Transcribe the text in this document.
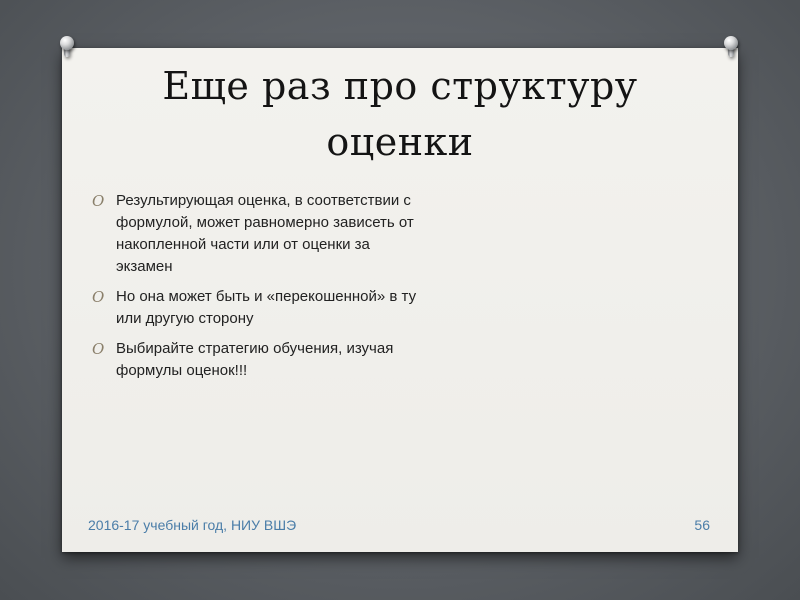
Еще раз про структуру оценки
O Результирующая оценка, в соответствии с формулой, может равномерно зависеть от накопленной части или от оценки за экзамен
O Но она может быть и «перекошенной» в ту или другую сторону
O Выбирайте стратегию обучения, изучая формулы оценок!!!
2016-17 учебный год, НИУ ВШЭ	56
